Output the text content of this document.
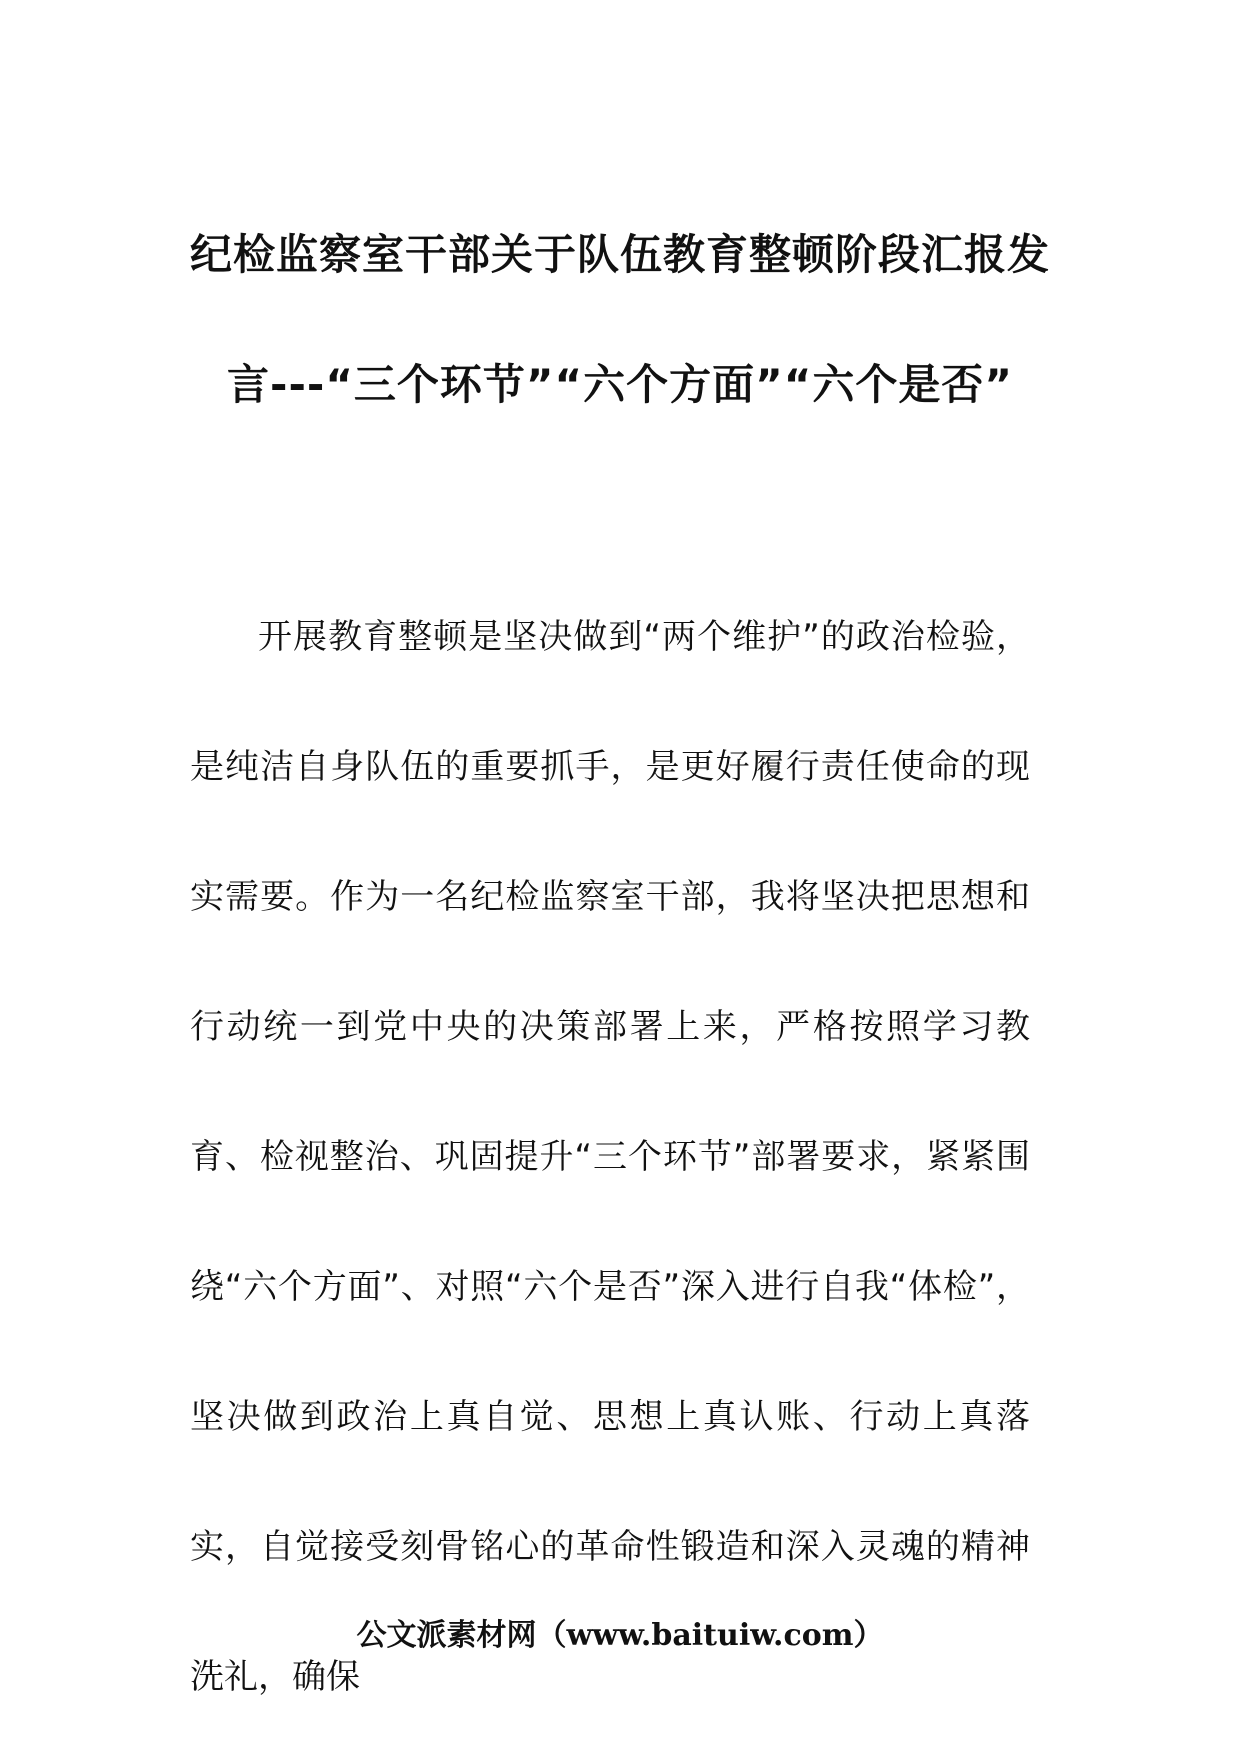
纪检监察室干部关于队伍教育整顿阶段汇报发言---“三个环节”“六个方面”“六个是否”

开展教育整顿是坚决做到“两个维护”的政治检验，是纯洁自身队伍的重要抓手，是更好履行责任使命的现实需要。作为一名纪检监察室干部，我将坚决把思想和行动统一到党中央的决策部署上来，严格按照学习教育、检视整治、巩固提升“三个环节”部署要求，紧紧围绕“六个方面”、对照“六个是否”深入进行自我“体检”，坚决做到政治上真自觉、思想上真认账、行动上真落实，自觉接受刻骨铭心的革命性锻造和深入灵魂的精神洗礼，确保

公文派素材网（www.baituiw.com）
